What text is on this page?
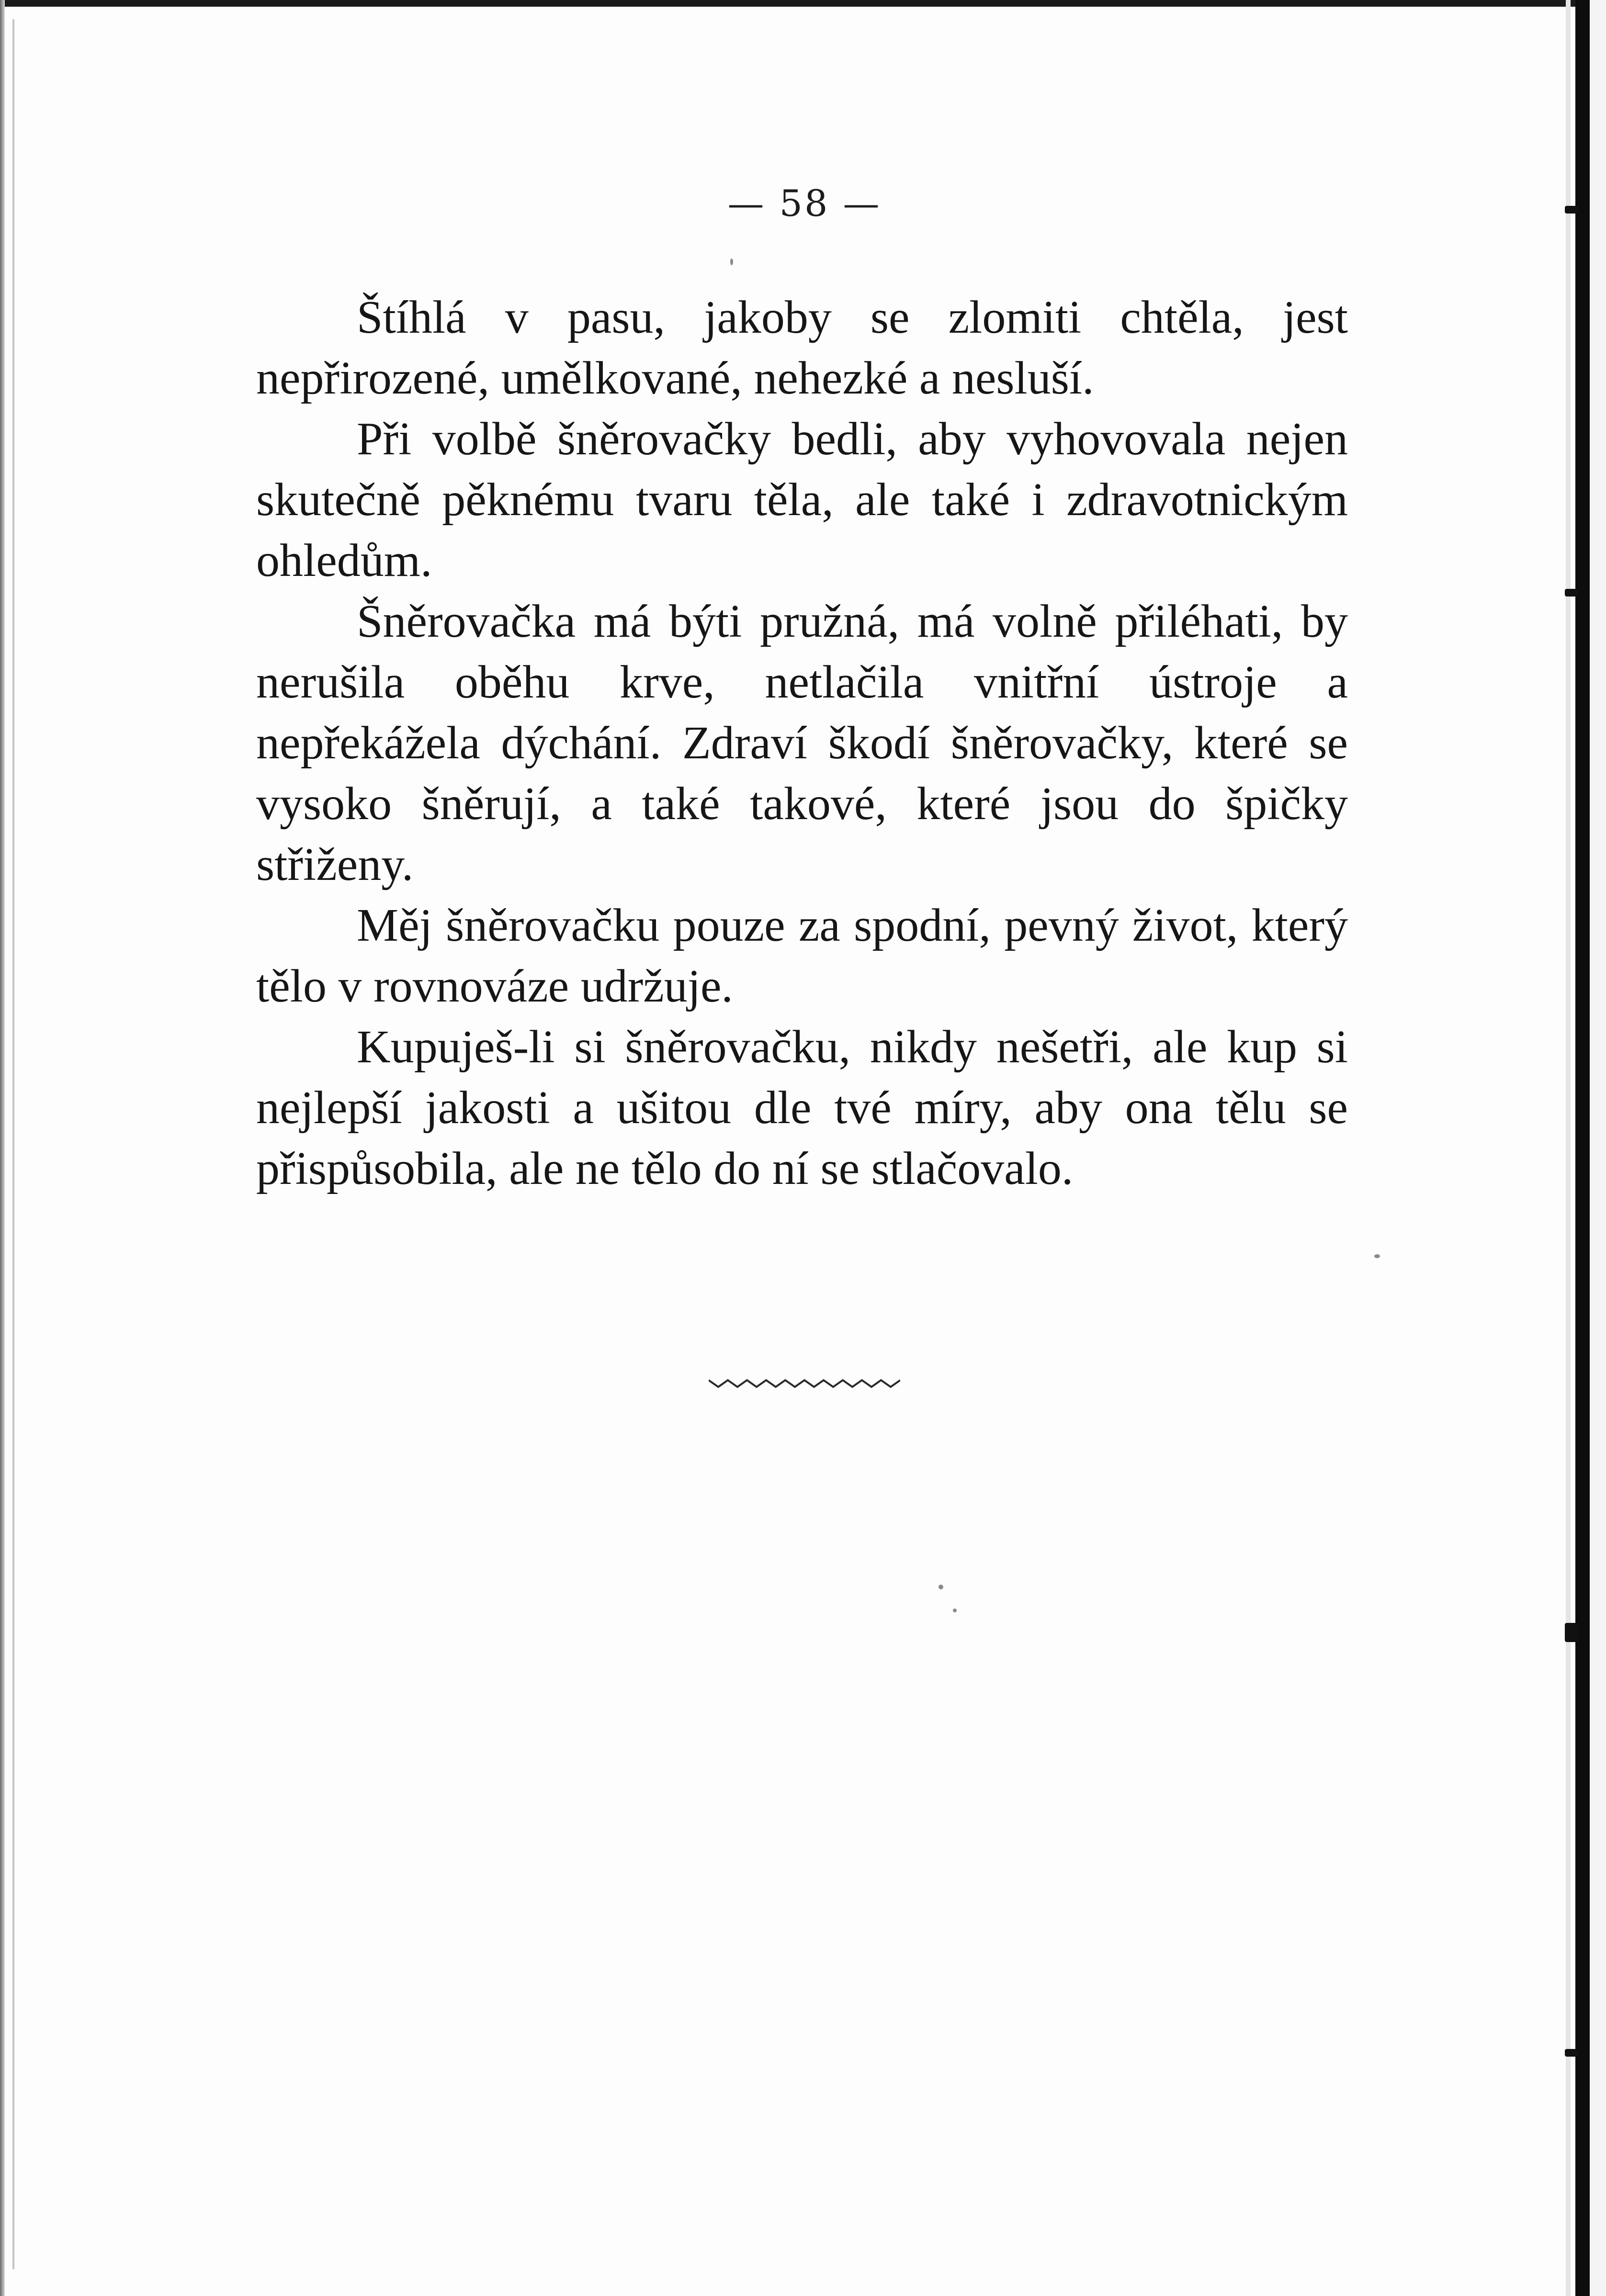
— 58 —

Štíhlá v pasu, jakoby se zlomiti chtěla, jest nepřirozené, umělkované, nehezké a nesluší.

Při volbě šněrovačky bedli, aby vyhovovala nejen skutečně pěknému tvaru těla, ale také i zdravotnickým ohledům.

Šněrovačka má býti pružná, má volně přiléhati, by nerušila oběhu krve, netlačila vnitřní ústroje a nepřekážela dýchání. Zdraví škodí šněrovačky, které se vysoko šněrují, a také takové, které jsou do špičky střiženy.

Měj šněrovačku pouze za spodní, pevný život, který tělo v rovnováze udržuje.

Kupuješ-li si šněrovačku, nikdy nešetři, ale kup si nejlepší jakosti a ušitou dle tvé míry, aby ona tělu se přispůsobila, ale ne tělo do ní se stlačovalo.
